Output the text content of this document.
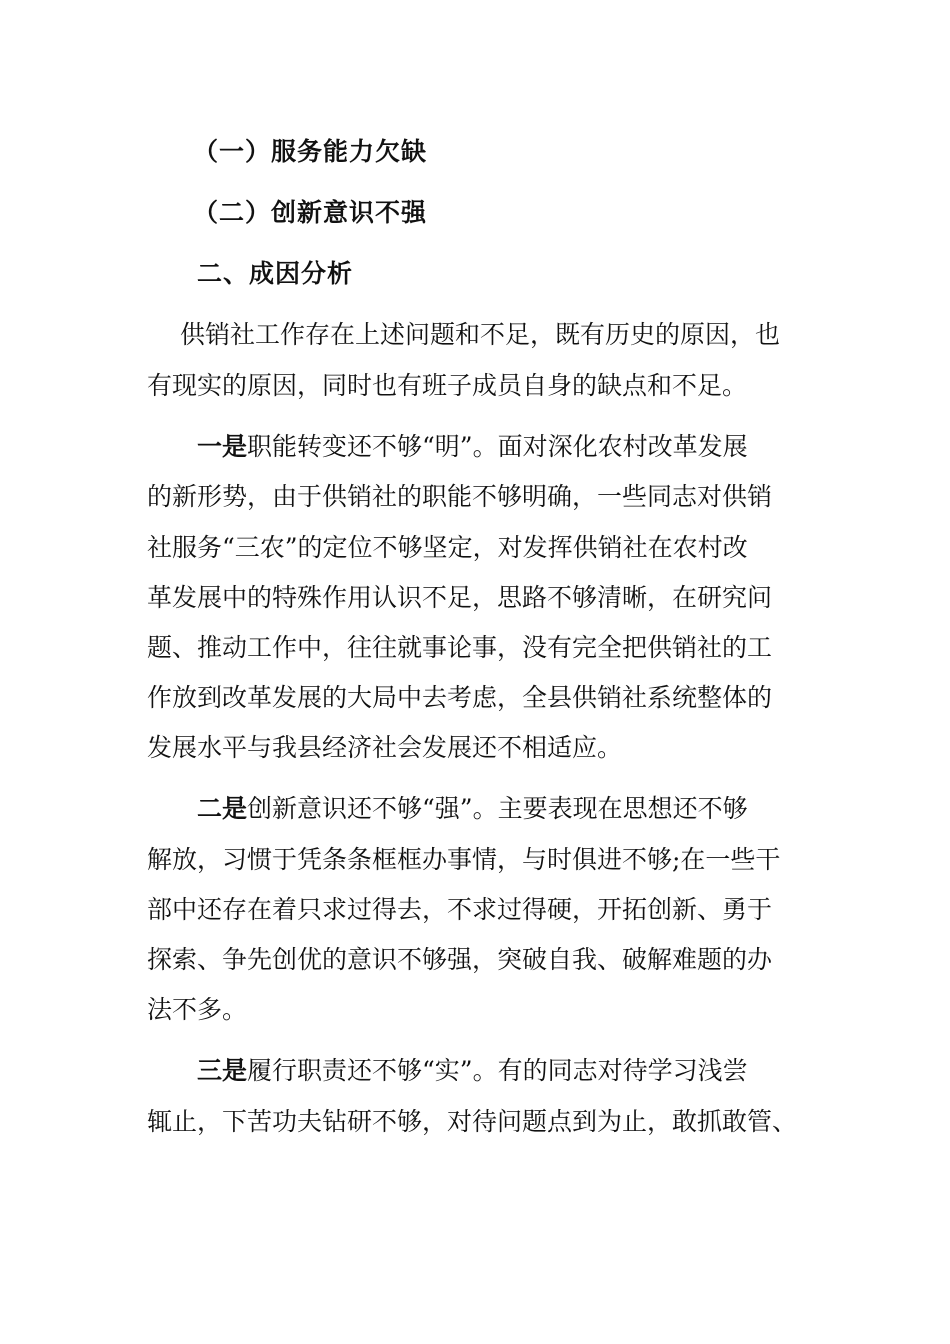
（一）服务能力欠缺
（二）创新意识不强
二、成因分析
供销社工作存在上述问题和不足，既有历史的原因，也
有现实的原因，同时也有班子成员自身的缺点和不足。
一是职能转变还不够“明”。面对深化农村改革发展
的新形势，由于供销社的职能不够明确，一些同志对供销
社服务“三农”的定位不够坚定，对发挥供销社在农村改
革发展中的特殊作用认识不足，思路不够清晰，在研究问
题、推动工作中，往往就事论事，没有完全把供销社的工
作放到改革发展的大局中去考虑，全县供销社系统整体的
发展水平与我县经济社会发展还不相适应。
二是创新意识还不够“强”。主要表现在思想还不够
解放，习惯于凭条条框框办事情，与时俱进不够;在一些干
部中还存在着只求过得去，不求过得硬，开拓创新、勇于
探索、争先创优的意识不够强，突破自我、破解难题的办
法不多。
三是履行职责还不够“实”。有的同志对待学习浅尝
辄止，下苦功夫钻研不够，对待问题点到为止，敢抓敢管、
